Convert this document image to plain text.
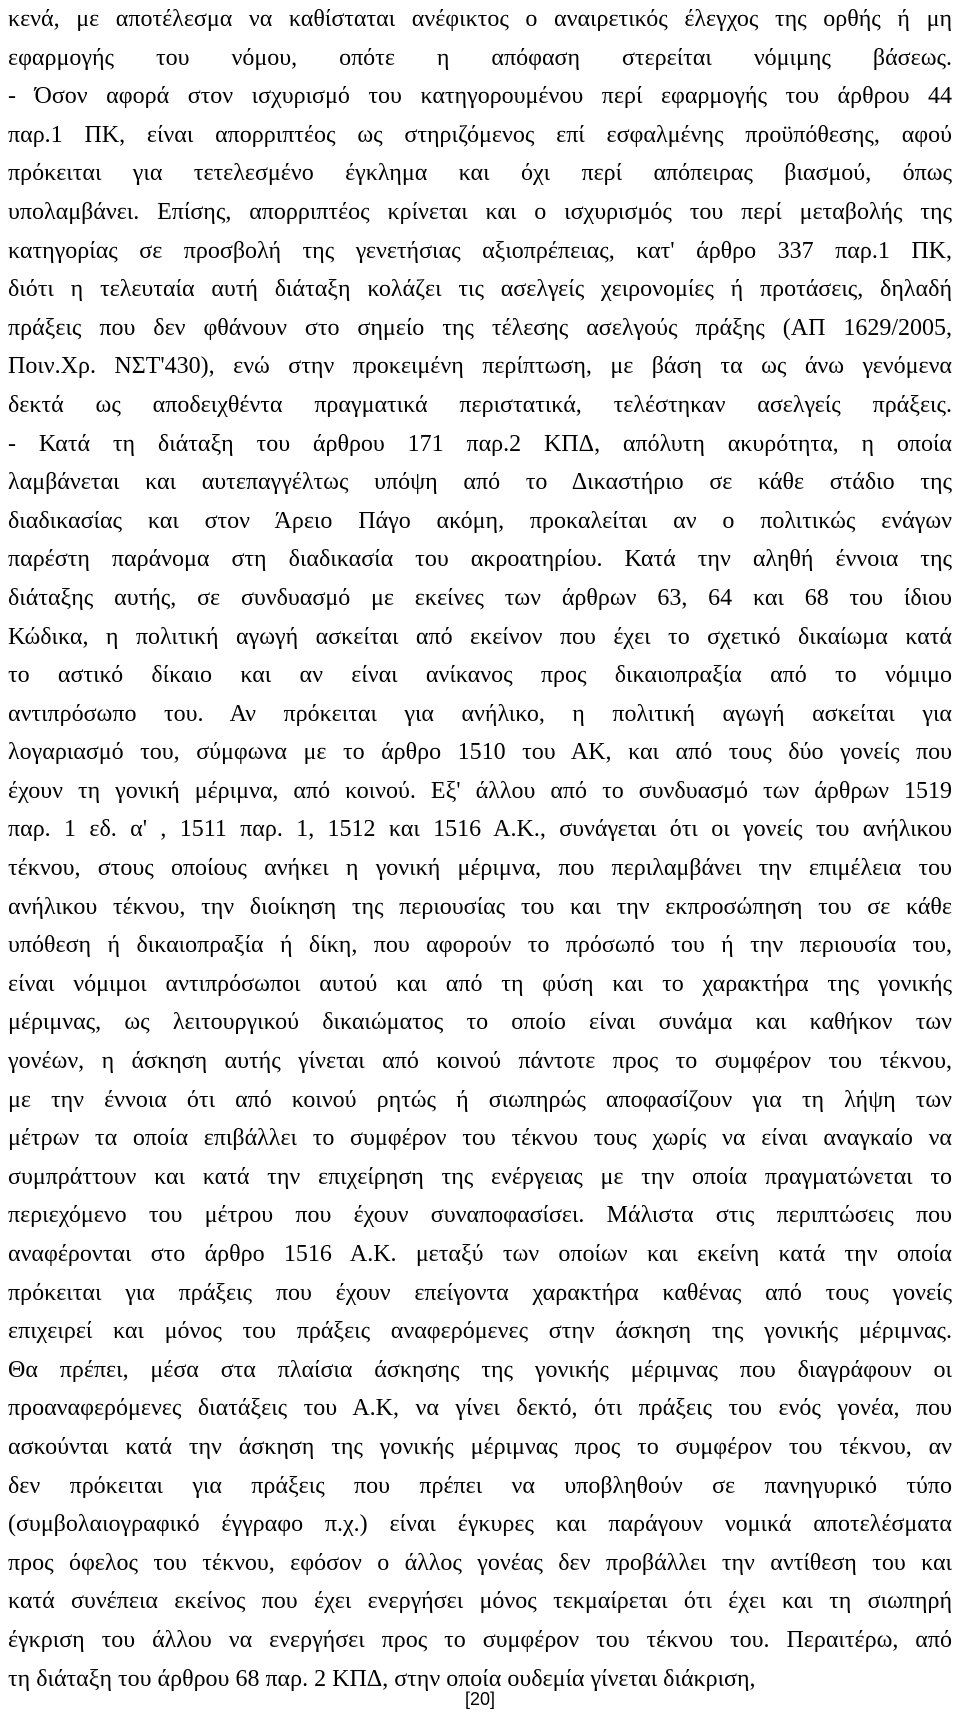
κενά, με αποτέλεσμα να καθίσταται ανέφικτος ο αναιρετικός έλεγχος της ορθής ή μη
εφαρμογής του νόμου, οπότε η απόφαση στερείται νόμιμης βάσεως.
- Όσον αφορά στον ισχυρισμό του κατηγορουμένου περί εφαρμογής του άρθρου 44
παρ.1 ΠΚ, είναι απορριπτέος ως στηριζόμενος επί εσφαλμένης προϋπόθεσης, αφού
πρόκειται για τετελεσμένο έγκλημα και όχι περί απόπειρας βιασμού, όπως
υπολαμβάνει. Επίσης, απορριπτέος κρίνεται και ο ισχυρισμός του περί μεταβολής της
κατηγορίας σε προσβολή της γενετήσιας αξιοπρέπειας, κατ' άρθρο 337 παρ.1 ΠΚ,
διότι η τελευταία αυτή διάταξη κολάζει τις ασελγείς χειρονομίες ή προτάσεις, δηλαδή
πράξεις που δεν φθάνουν στο σημείο της τέλεσης ασελγούς πράξης (ΑΠ 1629/2005,
Ποιν.Χρ. ΝΣΤ'430), ενώ στην προκειμένη περίπτωση, με βάση τα ως άνω γενόμενα
δεκτά ως αποδειχθέντα πραγματικά περιστατικά, τελέστηκαν ασελγείς πράξεις.
- Κατά τη διάταξη του άρθρου 171 παρ.2 ΚΠΔ, απόλυτη ακυρότητα, η οποία
λαμβάνεται και αυτεπαγγέλτως υπόψη από το Δικαστήριο σε κάθε στάδιο της
διαδικασίας και στον Άρειο Πάγο ακόμη, προκαλείται αν ο πολιτικώς ενάγων
παρέστη παράνομα στη διαδικασία του ακροατηρίου. Κατά την αληθή έννοια της
διάταξης αυτής, σε συνδυασμό με εκείνες των άρθρων 63, 64 και 68 του ίδιου
Κώδικα, η πολιτική αγωγή ασκείται από εκείνον που έχει το σχετικό δικαίωμα κατά
το αστικό δίκαιο και αν είναι ανίκανος προς δικαιοπραξία από το νόμιμο
αντιπρόσωπο του. Αν πρόκειται για ανήλικο, η πολιτική αγωγή ασκείται για
λογαριασμό του, σύμφωνα με το άρθρο 1510 του ΑΚ, και από τους δύο γονείς που
έχουν τη γονική μέριμνα, από κοινού. Εξ' άλλου από το συνδυασμό των άρθρων 1519
παρ. 1 εδ. α' , 1511 παρ. 1, 1512 και 1516 Α.Κ., συνάγεται ότι οι γονείς του ανήλικου
τέκνου, στους οποίους ανήκει η γονική μέριμνα, που περιλαμβάνει την επιμέλεια του
ανήλικου τέκνου, την διοίκηση της περιουσίας του και την εκπροσώπηση του σε κάθε
υπόθεση ή δικαιοπραξία ή δίκη, που αφορούν το πρόσωπό του ή την περιουσία του,
είναι νόμιμοι αντιπρόσωποι αυτού και από τη φύση και το χαρακτήρα της γονικής
μέριμνας, ως λειτουργικού δικαιώματος το οποίο είναι συνάμα και καθήκον των
γονέων, η άσκηση αυτής γίνεται από κοινού πάντοτε προς το συμφέρον του τέκνου,
με την έννοια ότι από κοινού ρητώς ή σιωπηρώς αποφασίζουν για τη λήψη των
μέτρων τα οποία επιβάλλει το συμφέρον του τέκνου τους χωρίς να είναι αναγκαίο να
συμπράττουν και κατά την επιχείρηση της ενέργειας με την οποία πραγματώνεται το
περιεχόμενο του μέτρου που έχουν συναποφασίσει. Μάλιστα στις περιπτώσεις που
αναφέρονται στο άρθρο 1516 Α.Κ. μεταξύ των οποίων και εκείνη κατά την οποία
πρόκειται για πράξεις που έχουν επείγοντα χαρακτήρα καθένας από τους γονείς
επιχειρεί και μόνος του πράξεις αναφερόμενες στην άσκηση της γονικής μέριμνας.
Θα πρέπει, μέσα στα πλαίσια άσκησης της γονικής μέριμνας που διαγράφουν οι
προαναφερόμενες διατάξεις του Α.Κ, να γίνει δεκτό, ότι πράξεις του ενός γονέα, που
ασκούνται κατά την άσκηση της γονικής μέριμνας προς το συμφέρον του τέκνου, αν
δεν πρόκειται για πράξεις που πρέπει να υποβληθούν σε πανηγυρικό τύπο
(συμβολαιογραφικό έγγραφο π.χ.) είναι έγκυρες και παράγουν νομικά αποτελέσματα
προς όφελος του τέκνου, εφόσον ο άλλος γονέας δεν προβάλλει την αντίθεση του και
κατά συνέπεια εκείνος που έχει ενεργήσει μόνος τεκμαίρεται ότι έχει και τη σιωπηρή
έγκριση του άλλου να ενεργήσει προς το συμφέρον του τέκνου του. Περαιτέρω, από
τη διάταξη του άρθρου 68 παρ. 2 ΚΠΔ, στην οποία ουδεμία γίνεται διάκριση,
[20]
